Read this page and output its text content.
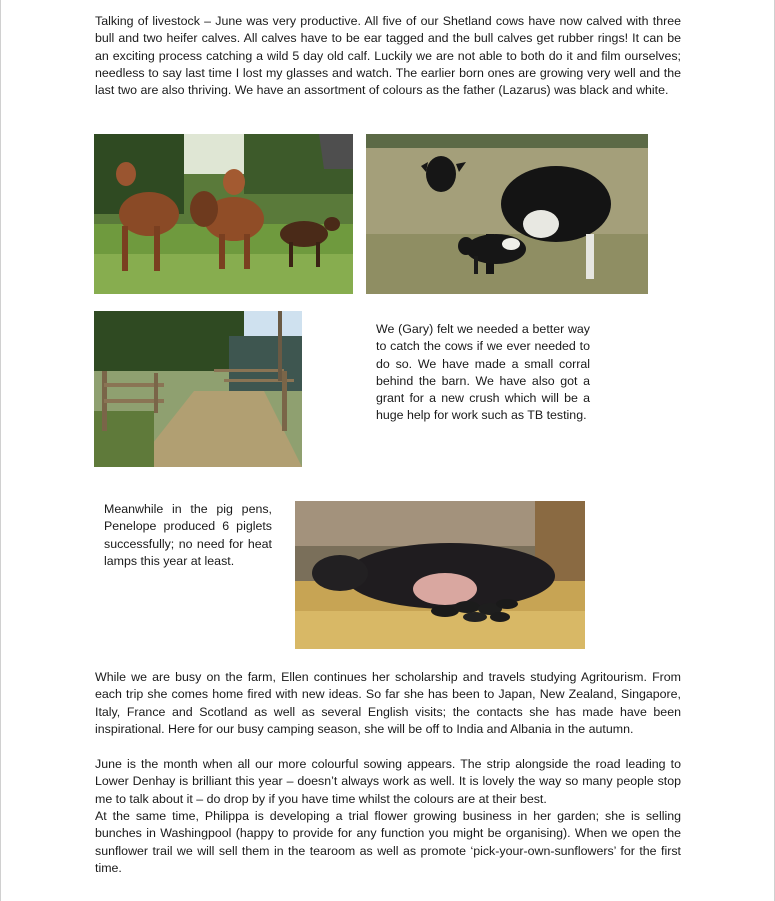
Talking of livestock – June was very productive. All five of our Shetland cows have now calved with three bull and two heifer calves. All calves have to be ear tagged and the bull calves get rubber rings! It can be an exciting process catching a wild 5 day old calf. Luckily we are not able to both do it and film ourselves; needless to say last time I lost my glasses and watch. The earlier born ones are growing very well and the last two are also thriving. We have an assortment of colours as the father (Lazarus) was black and white.

We (Gary) felt we needed a better way to catch the cows if we ever needed to do so. We have made a small corral behind the barn. We have also got a grant for a new crush which will be a huge help for work such as TB testing.

Meanwhile in the pig pens, Penelope produced 6 piglets successfully; no need for heat lamps this year at least.

While we are busy on the farm, Ellen continues her scholarship and travels studying Agritourism. From each trip she comes home fired with new ideas. So far she has been to Japan, New Zealand, Singapore, Italy, France and Scotland as well as several English visits; the contacts she has made have been inspirational. Here for our busy camping season, she will be off to India and Albania in the autumn.

June is the month when all our more colourful sowing appears. The strip alongside the road leading to Lower Denhay is brilliant this year – doesn’t always work as well. It is lovely the way so many people stop me to talk about it – do drop by if you have time whilst the colours are at their best.

At the same time, Philippa is developing a trial flower growing business in her garden; she is selling bunches in Washingpool (happy to provide for any function you might be organising). When we open the sunflower trail we will sell them in the tearoom as well as promote ‘pick-your-own-sunflowers’ for the first time.
